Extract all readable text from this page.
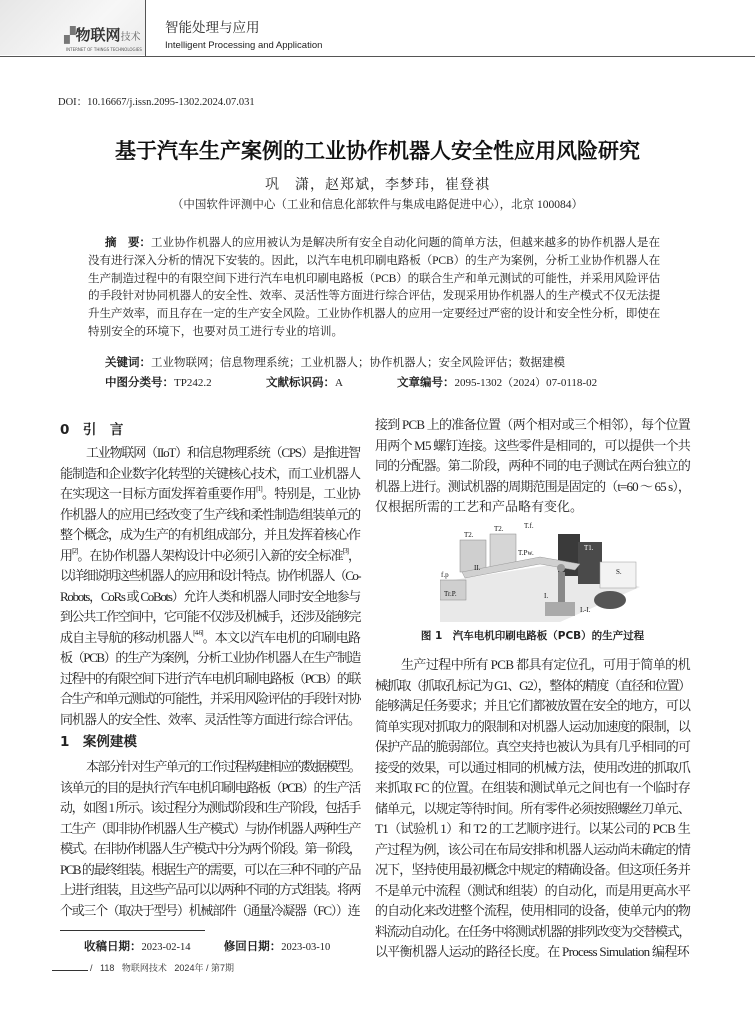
▞物联网技术
INTERNET OF THINGS TECHNOLOGIES
智能处理与应用
Intelligent Processing and Application
DOI：10.16667/j.issn.2095-1302.2024.07.031
基于汽车生产案例的工业协作机器人安全性应用风险研究
巩　潇，赵郑斌，李梦玮，崔登祺
（中国软件评测中心（工业和信息化部软件与集成电路促进中心），北京 100084）
摘　要：工业协作机器人的应用被认为是解决所有安全自动化问题的简单方法，但越来越多的协作机器人是在
没有进行深入分析的情况下安装的。因此，以汽车电机印刷电路板（PCB）的生产为案例，分析工业协作机器人在
生产制造过程中的有限空间下进行汽车电机印刷电路板（PCB）的联合生产和单元测试的可能性，并采用风险评估
的手段针对协同机器人的安全性、效率、灵活性等方面进行综合评估，发现采用协作机器人的生产模式不仅无法提
升生产效率，而且存在一定的生产安全风险。工业协作机器人的应用一定要经过严密的设计和安全性分析，即使在
特别安全的环境下，也要对员工进行专业的培训。
关键词：工业物联网；信息物理系统；工业机器人；协作机器人；安全风险评估；数据建模
中图分类号：TP242.2	文献标识码：A	文章编号：2095-1302（2024）07-0118-02
0　引　言
工业物联网（IIoT）和信息物理系统（CPS）是推进智
能制造和企业数字化转型的关键核心技术，而工业机器人
在实现这一目标方面发挥着重要作用[1]。特别是，工业协
作机器人的应用已经改变了生产线和柔性制造/组装单元的
整个概念，成为生产的有机组成部分，并且发挥着核心作
用[2]。在协作机器人架构设计中必须引入新的安全标准[3]，
以详细说明这些机器人的应用和设计特点。协作机器人（Co-
Robots，CoRs 或 CoBots）允许人类和机器人同时安全地参与
到公共工作空间中，它可能不仅涉及机械手，还涉及能够完
成自主导航的移动机器人[4-6]。本文以汽车电机的印刷电路
板（PCB）的生产为案例，分析工业协作机器人在生产制造
过程中的有限空间下进行汽车电机印刷电路板（PCB）的联
合生产和单元测试的可能性，并采用风险评估的手段针对协
同机器人的安全性、效率、灵活性等方面进行综合评估。
1　案例建模
本部分针对生产单元的工作过程构建相应的数据模型。
该单元的目的是执行汽车电机印刷电路板（PCB）的生产活
动，如图 1 所示。该过程分为测试阶段和生产阶段，包括手
工生产（即非协作机器人生产模式）与协作机器人两种生产
模式。在非协作机器人生产模式中分为两个阶段。第一阶段，
PCB 的最终组装。根据生产的需要，可以在三种不同的产品
上进行组装，且这些产品可以以两种不同的方式组装。将两
个或三个（取决于型号）机械部件（通量冷凝器（FC））连
接到 PCB 上的准备位置（两个相对或三个相邻），每个位置
用两个 M5 螺钉连接。这些零件是相同的，可以提供一个共
同的分配器。第二阶段，两种不同的电子测试在两台独立的
机器上进行。测试机器的周期范围是固定的（t=60 ～ 65 s），
仅根据所需的工艺和产品略有变化。
T2.
T2.	T.f.
T1.
T1.
T.Pw.
S.
f.p
II.
Tr.P.	I.
I.-I.
图 1　汽车电机印刷电路板（PCB）的生产过程
生产过程中所有 PCB 都具有定位孔，可用于简单的机
械抓取（抓取孔标记为 G1、G2），整体的精度（直径和位置）
能够满足任务要求；并且它们都被放置在安全的地方，可以
简单实现对抓取力的限制和对机器人运动加速度的限制，以
保护产品的脆弱部位。真空夹持也被认为具有几乎相同的可
接受的效果，可以通过相同的机械方法，使用改进的抓取爪
来抓取 FC 的位置。在组装和测试单元之间也有一个临时存
储单元，以规定等待时间。所有零件必须按照螺丝刀单元、
T1（试验机 1）和 T2 的工艺顺序进行。以某公司的 PCB 生
产过程为例，该公司在布局安排和机器人运动尚未确定的情
况下，坚持使用最初概念中规定的精确设备。但这项任务并
不是单元中流程（测试和组装）的自动化，而是用更高水平
的自动化来改进整个流程，使用相同的设备，使单元内的物
料流动自动化。在任务中将测试机器的排列改变为交替模式，
以平衡机器人运动的路径长度。在 Process Simulation 编程环
收稿日期：2023-02-14	修回日期：2023-03-10
/   118 物联网技术 2024年 / 第7期
